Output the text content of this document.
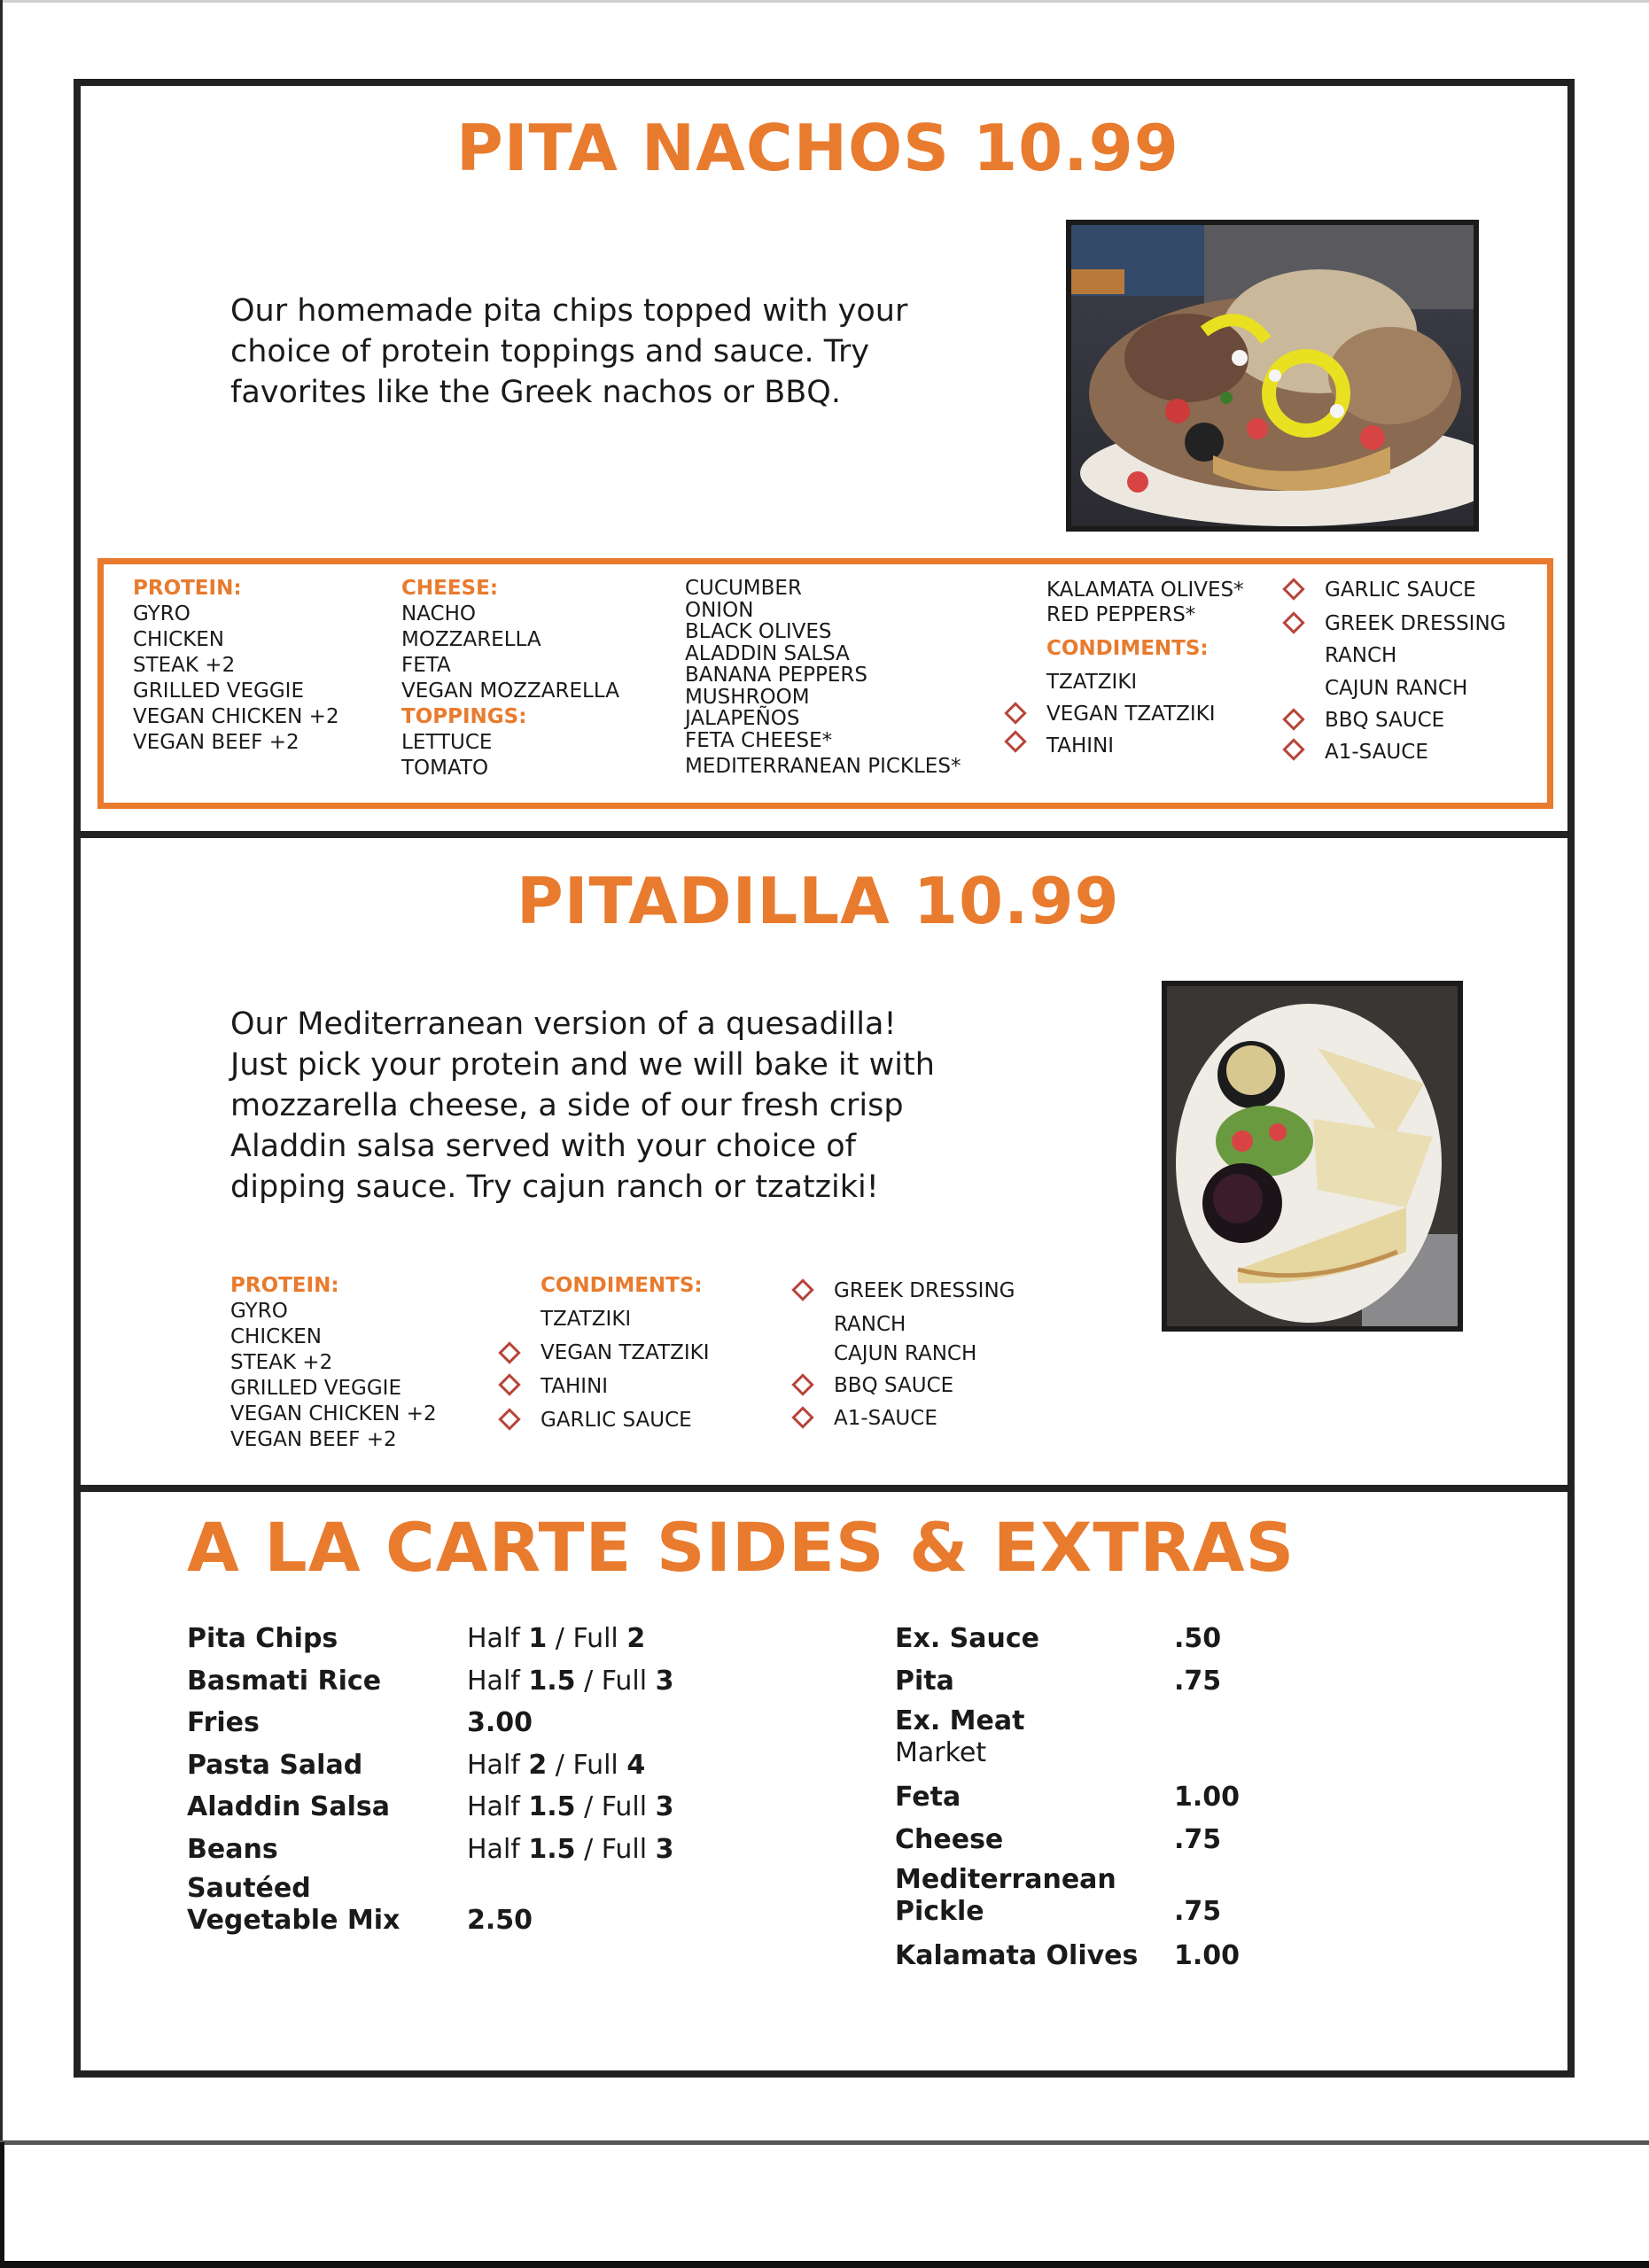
PITA NACHOS 10.99
Our homemade pita chips topped with your
choice of protein toppings and sauce. Try
favorites like the Greek nachos or BBQ.
PROTEIN:
GYRO
CHICKEN
STEAK +2
GRILLED VEGGIE
VEGAN CHICKEN +2
VEGAN BEEF +2
CHEESE:
NACHO
MOZZARELLA
FETA
VEGAN MOZZARELLA
TOPPINGS:
LETTUCE
TOMATO
CUCUMBER
ONION
BLACK OLIVES
ALADDIN SALSA
BANANA PEPPERS
MUSHROOM
JALAPEÑOS
FETA CHEESE*
MEDITERRANEAN PICKLES*
KALAMATA OLIVES*
RED PEPPERS*
CONDIMENTS:
TZATZIKI
VEGAN TZATZIKI
TAHINI
GARLIC SAUCE
GREEK DRESSING
RANCH
CAJUN RANCH
BBQ SAUCE
A1-SAUCE
PITADILLA 10.99
Our Mediterranean version of a quesadilla!
Just pick your protein and we will bake it with
mozzarella cheese, a side of our fresh crisp
Aladdin salsa served with your choice of
dipping sauce. Try cajun ranch or tzatziki!
PROTEIN:
GYRO
CHICKEN
STEAK +2
GRILLED VEGGIE
VEGAN CHICKEN +2
VEGAN BEEF +2
CONDIMENTS:
TZATZIKI
VEGAN TZATZIKI
TAHINI
GARLIC SAUCE
GREEK DRESSING
RANCH
CAJUN RANCH
BBQ SAUCE
A1-SAUCE
A LA CARTE SIDES & EXTRAS
Pita Chips	Half 1 / Full 2
Basmati Rice	Half 1.5 / Full 3
Fries	3.00
Pasta Salad	Half 2 / Full 4
Aladdin Salsa	Half 1.5 / Full 3
Beans	Half 1.5 / Full 3
Sautéed
Vegetable Mix	2.50
Ex. Sauce	.50
Pita	.75
Ex. Meat
Market
Feta	1.00
Cheese	.75
Mediterranean
Pickle	.75
Kalamata Olives 1.00
